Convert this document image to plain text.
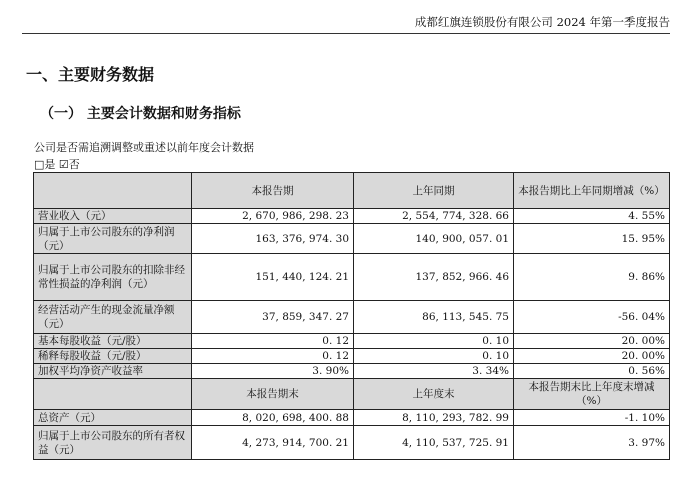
成都红旗连锁股份有限公司 2024 年第一季度报告
一、主要财务数据
（一） 主要会计数据和财务指标
公司是否需追溯调整或重述以前年度会计数据
□是 ☑否
	本报告期	上年同期	本报告期比上年同期增减（%）
营业收入（元）	2, 670, 986, 298. 23	2, 554, 774, 328. 66	4. 55%
归属于上市公司股东的净利润（元）	163, 376, 974. 30	140, 900, 057. 01	15. 95%
归属于上市公司股东的扣除非经常性损益的净利润（元）	151, 440, 124. 21	137, 852, 966. 46	9. 86%
经营活动产生的现金流量净额（元）	37, 859, 347. 27	86, 113, 545. 75	-56. 04%
基本每股收益（元/股）	0. 12	0. 10	20. 00%
稀释每股收益（元/股）	0. 12	0. 10	20. 00%
加权平均净资产收益率	3. 90%	3. 34%	0. 56%
	本报告期末	上年度末	本报告期末比上年度末增减（%）
总资产（元）	8, 020, 698, 400. 88	8, 110, 293, 782. 99	-1. 10%
归属于上市公司股东的所有者权益（元）	4, 273, 914, 700. 21	4, 110, 537, 725. 91	3. 97%
